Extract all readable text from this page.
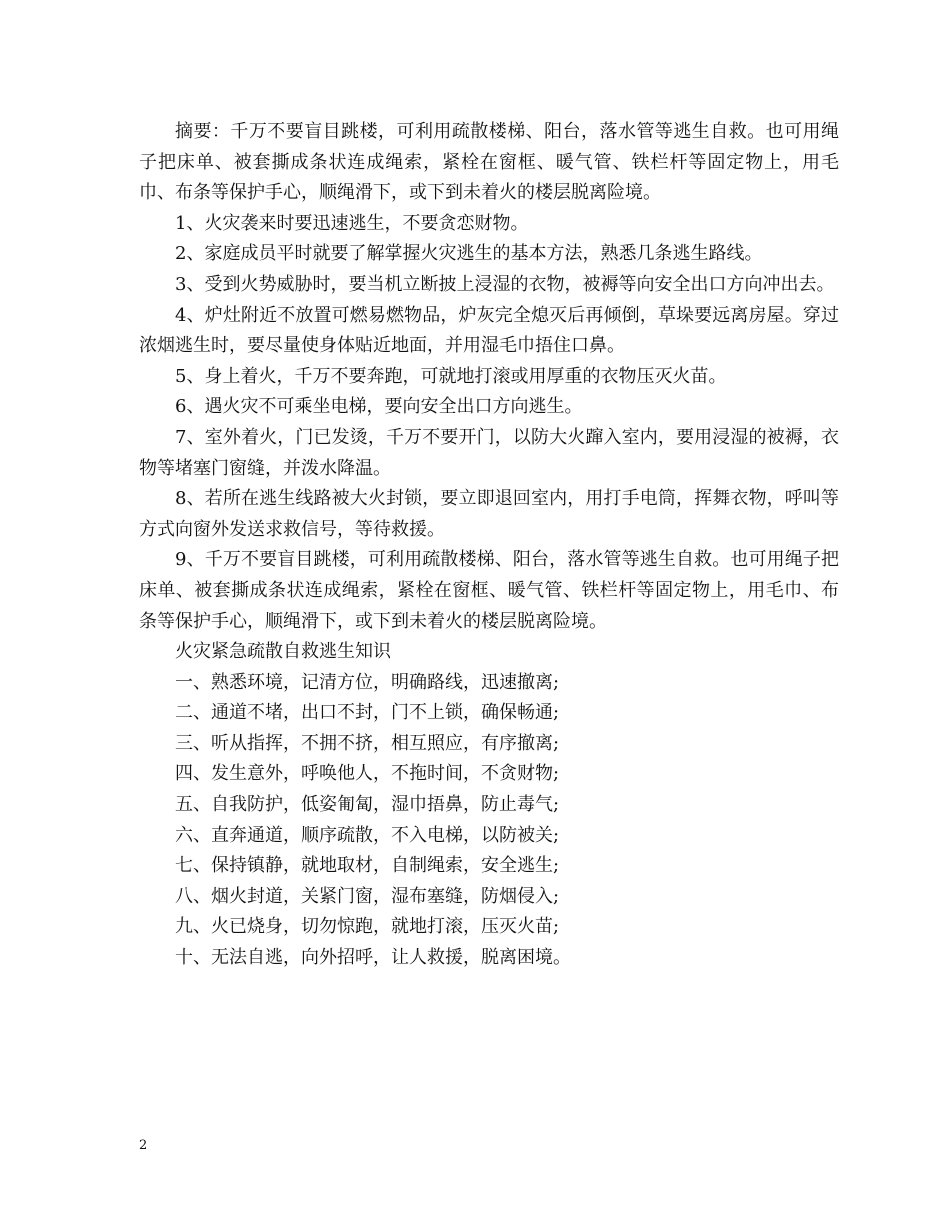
摘要：千万不要盲目跳楼，可利用疏散楼梯、阳台，落水管等逃生自救。也可用绳子把床单、被套撕成条状连成绳索，紧栓在窗框、暖气管、铁栏杆等固定物上，用毛巾、布条等保护手心，顺绳滑下，或下到未着火的楼层脱离险境。

1、火灾袭来时要迅速逃生，不要贪恋财物。

2、家庭成员平时就要了解掌握火灾逃生的基本方法，熟悉几条逃生路线。

3、受到火势威胁时，要当机立断披上浸湿的衣物，被褥等向安全出口方向冲出去。

4、炉灶附近不放置可燃易燃物品，炉灰完全熄灭后再倾倒，草垛要远离房屋。穿过浓烟逃生时，要尽量使身体贴近地面，并用湿毛巾捂住口鼻。

5、身上着火，千万不要奔跑，可就地打滚或用厚重的衣物压灭火苗。

6、遇火灾不可乘坐电梯，要向安全出口方向逃生。

7、室外着火，门已发烫，千万不要开门，以防大火蹿入室内，要用浸湿的被褥，衣物等堵塞门窗缝，并泼水降温。

8、若所在逃生线路被大火封锁，要立即退回室内，用打手电筒，挥舞衣物，呼叫等方式向窗外发送求救信号，等待救援。

9、千万不要盲目跳楼，可利用疏散楼梯、阳台，落水管等逃生自救。也可用绳子把床单、被套撕成条状连成绳索，紧栓在窗框、暖气管、铁栏杆等固定物上，用毛巾、布条等保护手心，顺绳滑下，或下到未着火的楼层脱离险境。

火灾紧急疏散自救逃生知识

一、熟悉环境，记清方位，明确路线，迅速撤离;

二、通道不堵，出口不封，门不上锁，确保畅通;

三、听从指挥，不拥不挤，相互照应，有序撤离;

四、发生意外，呼唤他人，不拖时间，不贪财物;

五、自我防护，低姿匍匐，湿巾捂鼻，防止毒气;

六、直奔通道，顺序疏散，不入电梯，以防被关;

七、保持镇静，就地取材，自制绳索，安全逃生;

八、烟火封道，关紧门窗，湿布塞缝，防烟侵入;

九、火已烧身，切勿惊跑，就地打滚，压灭火苗;

十、无法自逃，向外招呼，让人救援，脱离困境。

2
